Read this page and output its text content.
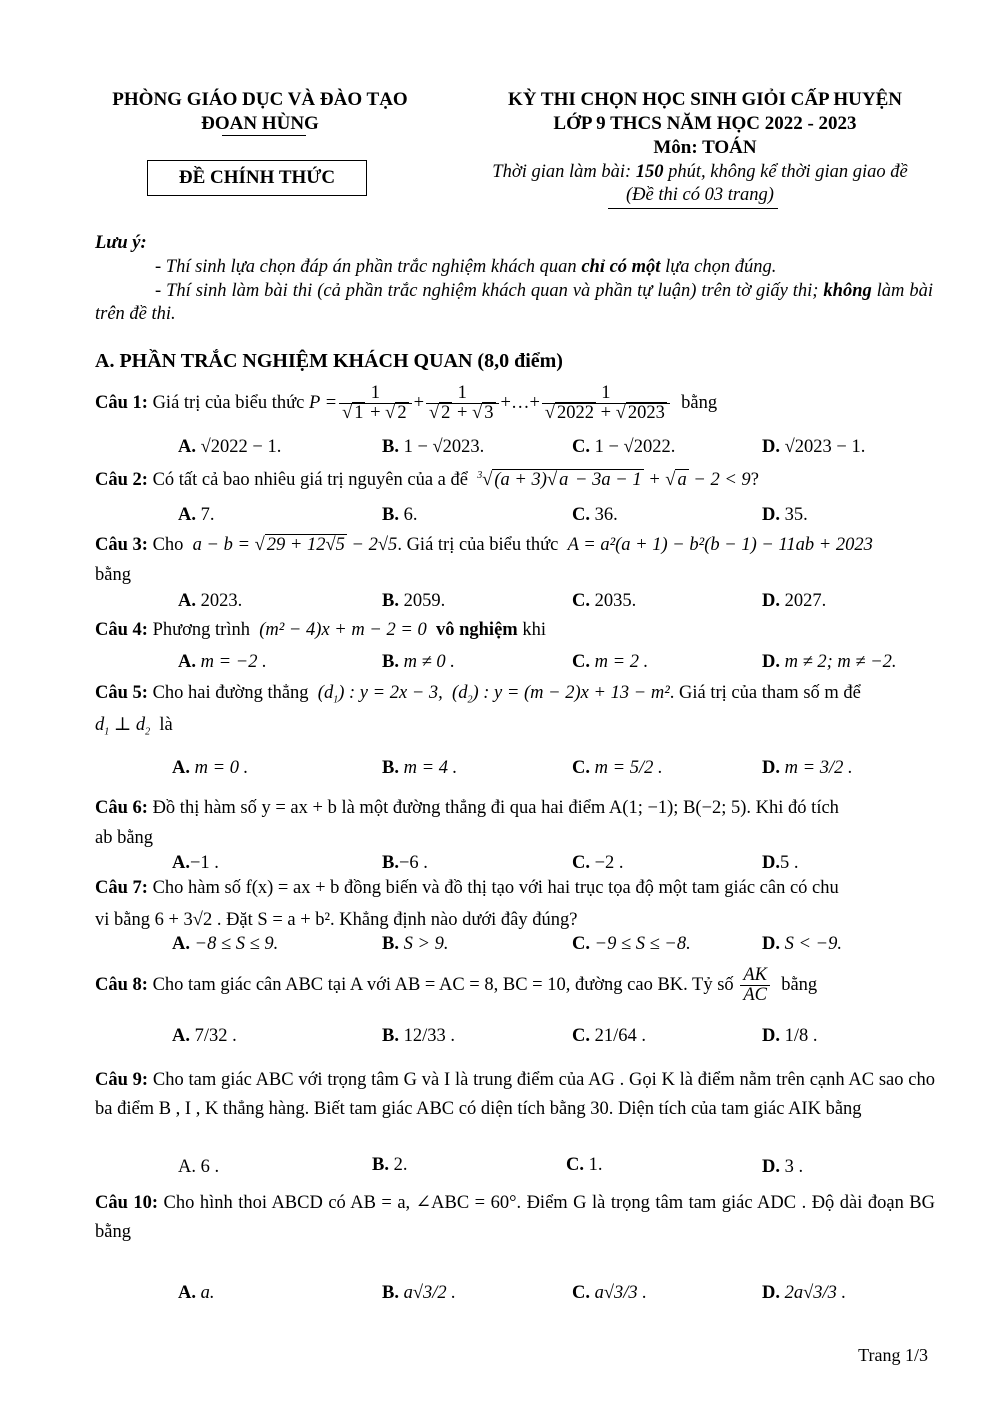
PHÒNG GIÁO DỤC VÀ ĐÀO TẠO
ĐOAN HÙNG
ĐỀ CHÍNH THỨC
KỲ THI CHỌN HỌC SINH GIỎI CẤP HUYỆN
LỚP 9 THCS NĂM HỌC 2022 - 2023
Môn: TOÁN
Thời gian làm bài: 150 phút, không kể thời gian giao đề
(Đề thi có 03 trang)
Lưu ý:
- Thí sinh lựa chọn đáp án phần trắc nghiệm khách quan chỉ có một lựa chọn đúng.
- Thí sinh làm bài thi (cả phần trắc nghiệm khách quan và phần tự luận) trên tờ giấy thi; không làm bài trên đề thi.
A. PHẦN TRẮC NGHIỆM KHÁCH QUAN (8,0 điểm)
Câu 1:
Giá trị của biểu thức
$P = \frac{1}{√ 1 + √ 2} + \frac{1}{√ 2 + √ 3}$ +…+ $\frac{1}{√ 2022 + √ 2023}$
bằng
A. √2022 − 1.	B. 1 − √2023.	C. 1 − √2022.	D. √2023 − 1.
Câu 2: Có tất cả bao nhiêu giá trị nguyên của a để $^3$√ (a + 3)√ a − 3a − 1 + √ a − 2 < 9?
A. 7.	B. 6.	C. 36.	D. 35.
Câu 3: Cho a − b = √ 29 + 12√5 − 2√5. Giá trị của biểu thức A = a²(a + 1) − b²(b − 1) − 11ab + 2023
bằng
A. 2023.	B. 2059.	C. 2035.	D. 2027.
Câu 4: Phương trình (m² − 4)x + m − 2 = 0 vô nghiệm khi
A. m = −2 .	B. m ≠ 0 .	C. m = 2 .	D. m ≠ 2; m ≠ −2.
Câu 5: Cho hai đường thẳng $(d_1)$ : y = 2x − 3,  $(d_2)$ : y = (m − 2)x + 13 − m². Giá trị của tham số m để
$d_1$ ⊥ $d_2$ là
A. m = 0 .	B. m = 4 .	C. m = 5/2 .	D. m = 3/2 .
Câu 6: Đồ thị hàm số y = ax + b là một đường thẳng đi qua hai điểm A(1; −1); B(−2; 5). Khi đó tích
ab bằng
A.−1 .	B.−6 .	C. −2 .	D.5 .
Câu 7: Cho hàm số f(x) = ax + b đồng biến và đồ thị tạo với hai trục tọa độ một tam giác cân có chu
vi bằng 6 + 3√2 . Đặt S = a + b². Khẳng định nào dưới đây đúng?
A. −8 ≤ S ≤ 9.	B. S > 9.	C. −9 ≤ S ≤ −8.	D. S < −9.
Câu 8:
Cho tam giác cân ABC tại A với AB = AC = 8, BC = 10, đường cao BK. Tỷ số
$\frac{AK}{AC}$
bằng
A. 7/32 .	B. 12/33 .	C. 21/64 .	D. 1/8 .
Câu 9: Cho tam giác ABC với trọng tâm G và I là trung điểm của AG . Gọi K là điểm nằm trên cạnh AC sao cho ba điểm B , I , K thẳng hàng. Biết tam giác ABC có diện tích bằng 30. Diện tích của tam giác AIK bằng
A. 6 .	B. 2.	C. 1.	D. 3 .
Câu 10: Cho hình thoi ABCD có AB = a, ∠ABC = 60°. Điểm G là trọng tâm tam giác ADC . Độ dài đoạn BG bằng
A. a.	B. a√3/2 .	C. a√3/3 .	D. 2a√3/3 .
Trang 1/3
